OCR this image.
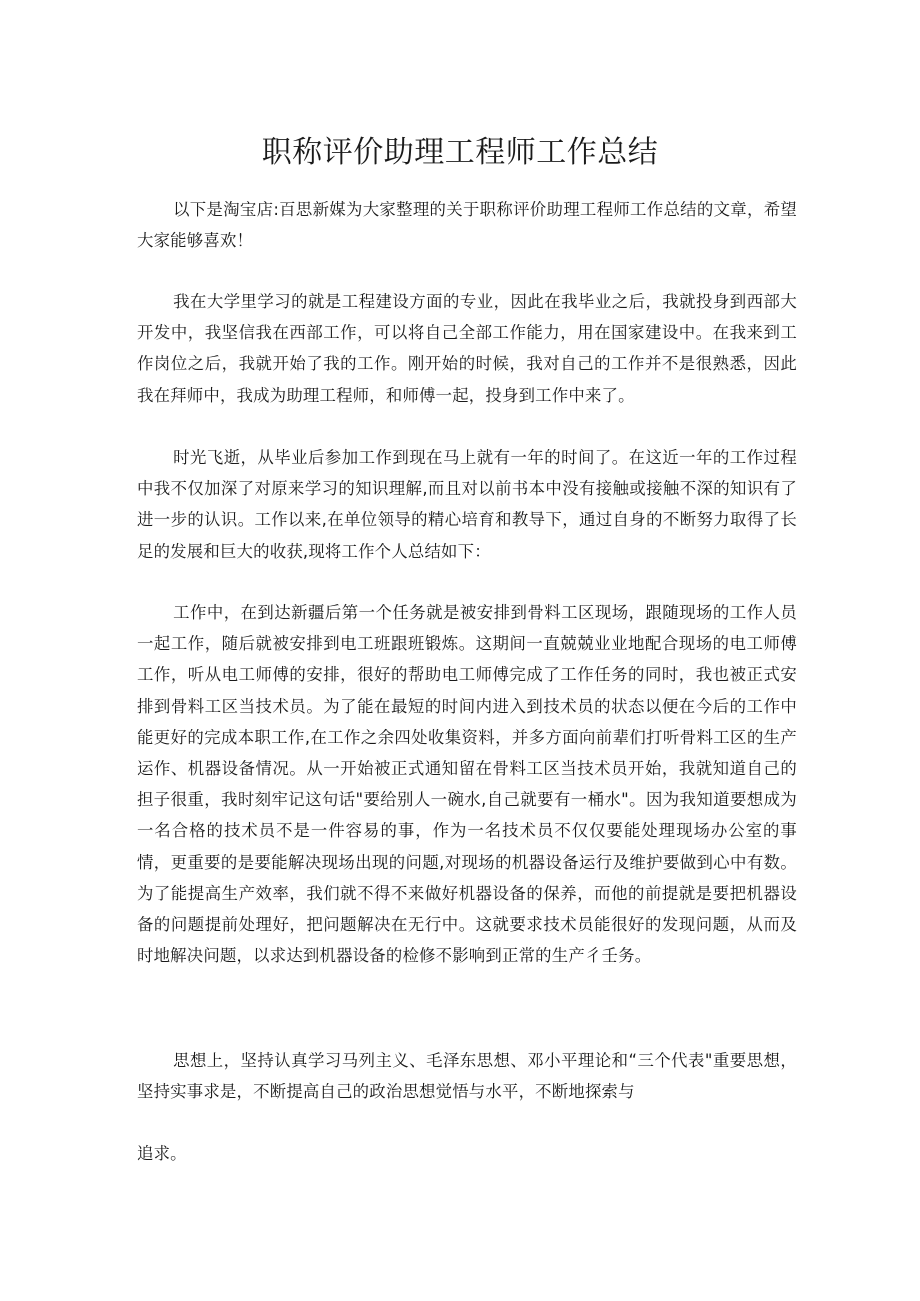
职称评价助理工程师工作总结

以下是淘宝店:百思新媒为大家整理的关于职称评价助理工程师工作总结的文章，希望大家能够喜欢！

我在大学里学习的就是工程建设方面的专业，因此在我毕业之后，我就投身到西部大开发中，我坚信我在西部工作，可以将自己全部工作能力，用在国家建设中。在我来到工作岗位之后，我就开始了我的工作。刚开始的时候，我对自己的工作并不是很熟悉，因此我在拜师中，我成为助理工程师，和师傅一起，投身到工作中来了。

时光飞逝，从毕业后参加工作到现在马上就有一年的时间了。在这近一年的工作过程中我不仅加深了对原来学习的知识理解,而且对以前书本中没有接触或接触不深的知识有了进一步的认识。工作以来,在单位领导的精心培育和教导下，通过自身的不断努力取得了长足的发展和巨大的收获,现将工作个人总结如下：

工作中，在到达新疆后第一个任务就是被安排到骨料工区现场，跟随现场的工作人员一起工作，随后就被安排到电工班跟班锻炼。这期间一直兢兢业业地配合现场的电工师傅工作，听从电工师傅的安排，很好的帮助电工师傅完成了工作任务的同时，我也被正式安排到骨料工区当技术员。为了能在最短的时间内进入到技术员的状态以便在今后的工作中能更好的完成本职工作,在工作之余四处收集资料，并多方面向前辈们打听骨料工区的生产运作、机器设备情况。从一开始被正式通知留在骨料工区当技术员开始，我就知道自己的担子很重，我时刻牢记这句话"要给别人一碗水,自己就要有一桶水"。因为我知道要想成为一名合格的技术员不是一件容易的事，作为一名技术员不仅仅要能处理现场办公室的事情，更重要的是要能解决现场出现的问题,对现场的机器设备运行及维护要做到心中有数。为了能提高生产效率，我们就不得不来做好机器设备的保养，而他的前提就是要把机器设备的问题提前处理好，把问题解决在无行中。这就要求技术员能很好的发现问题，从而及时地解决问题，以求达到机器设备的检修不影响到正常的生产彳壬务。

思想上，坚持认真学习马列主义、毛泽东思想、邓小平理论和“三个代表"重要思想，坚持实事求是，不断提高自己的政治思想觉悟与水平，不断地探索与

追求。
